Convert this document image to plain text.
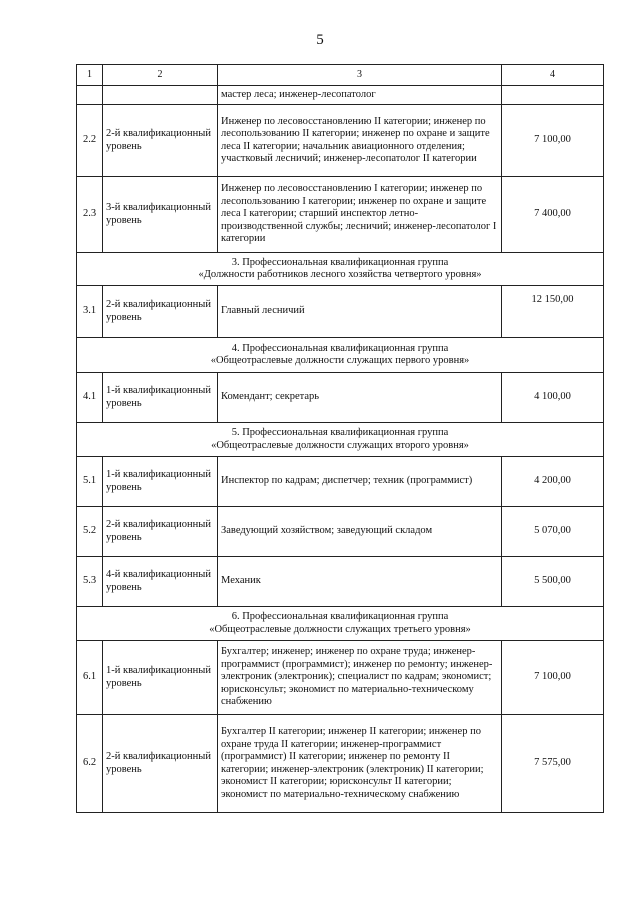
5
1	2	3	4
		мастер леса; инженер-лесопатолог	
2.2	2-й квалификационный уровень	Инженер по лесовосстановлению II категории; инженер по лесопользованию II категории; инженер по охране и защите леса II категории; начальник авиационного отделения; участковый лесничий; инженер-лесопатолог II категории	7 100,00
2.3	3-й квалификационный уровень	Инженер по лесовосстановлению I категории; инженер по лесопользованию I категории; инженер по охране и защите леса I категории; старший инспектор летно-производственной службы; лесничий; инженер-лесопатолог I категории	7 400,00

3. Профессиональная квалификационная группа
«Должности работников лесного хозяйства четвертого уровня»			

3.1	2-й квалификационный уровень	Главный лесничий	12 150,00

4. Профессиональная квалификационная группа
«Общеотраслевые должности служащих первого уровня»			

4.1	1-й квалификационный уровень	Комендант; секретарь	4 100,00

5. Профессиональная квалификационная группа
«Общеотраслевые должности служащих второго уровня»			

5.1	1-й квалификационный уровень	Инспектор по кадрам; диспетчер; техник (программист)	4 200,00
5.2	2-й квалификационный уровень	Заведующий хозяйством; заведующий складом	5 070,00
5.3	4-й квалификационный уровень	Механик	5 500,00

6. Профессиональная квалификационная группа
«Общеотраслевые должности служащих третьего уровня»			

6.1	1-й квалификационный уровень	Бухгалтер; инженер; инженер по охране труда; инженер-программист (программист); инженер по ремонту; инженер-электроник (электроник); специалист по кадрам; экономист; юрисконсульт; экономист по материально-техническому снабжению	7 100,00
6.2	2-й квалификационный уровень	Бухгалтер II категории; инженер II категории; инженер по охране труда II категории; инженер-программист (программист) II категории; инженер по ремонту II категории; инженер-электроник (электроник) II категории; экономист II категории; юрисконсульт II категории; экономист по материально-техническому снабжению	7 575,00
